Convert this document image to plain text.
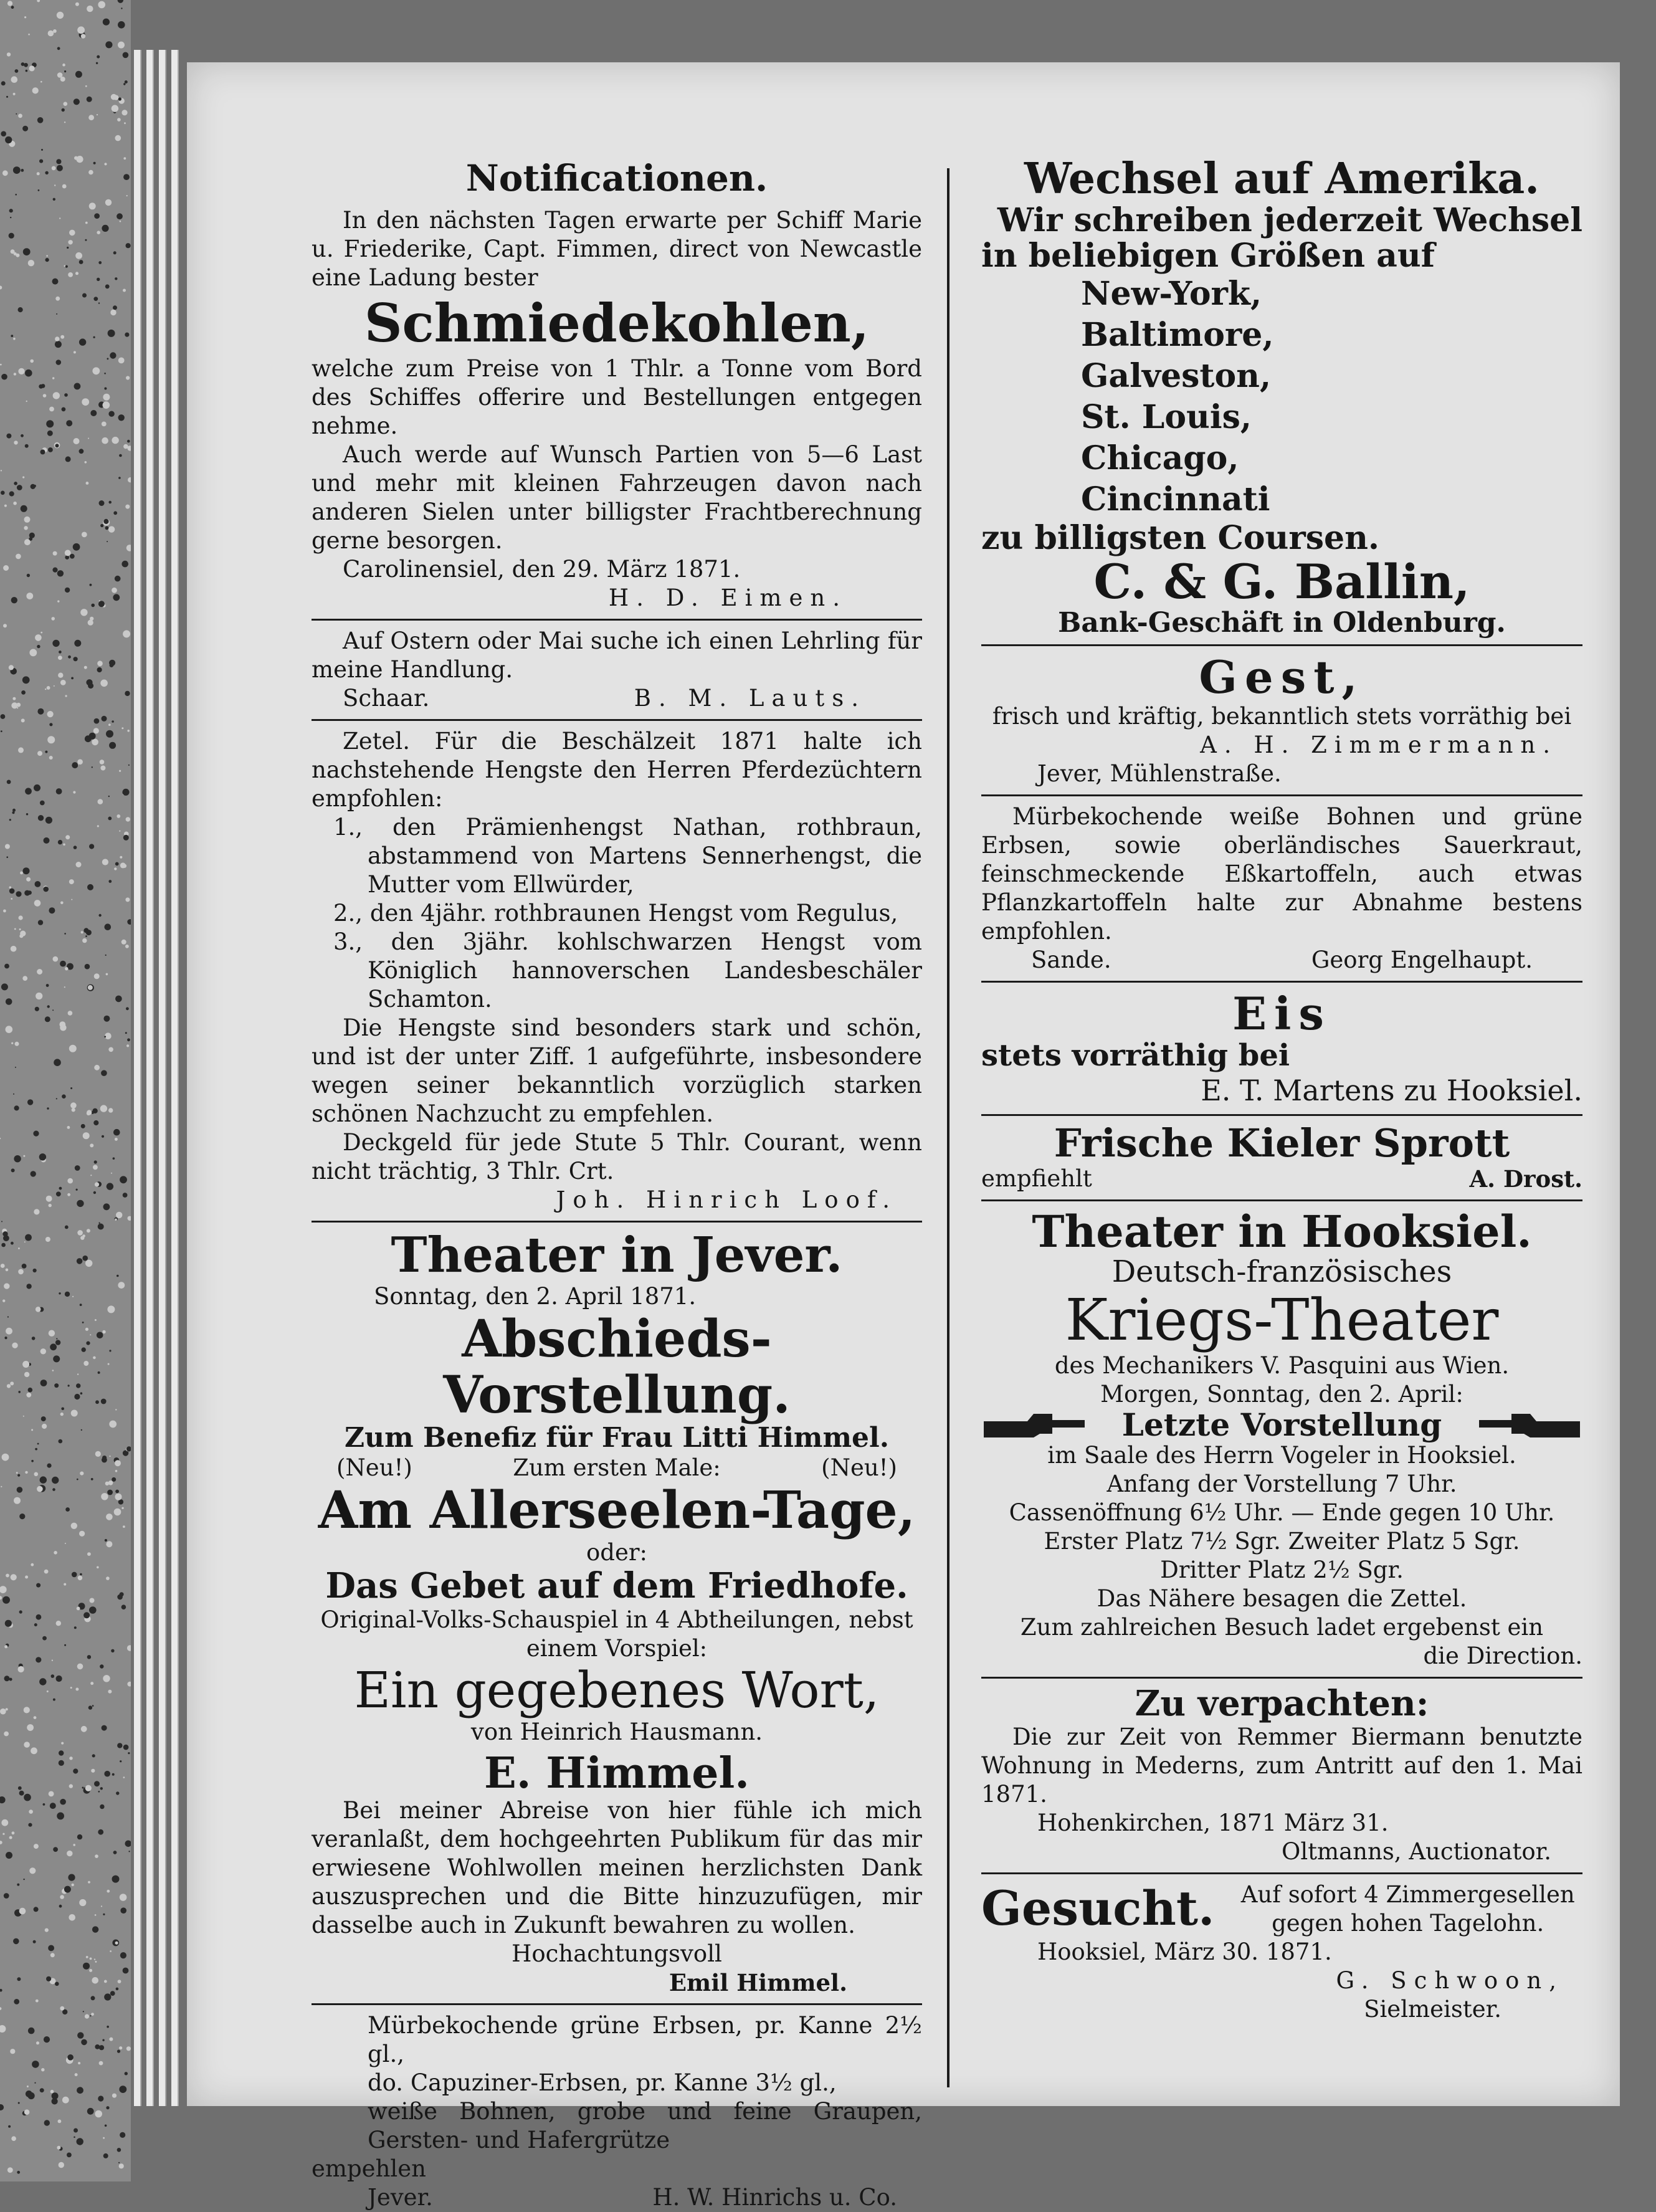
Notificationen.

In den nächsten Tagen erwarte per Schiff Marie u. Friederike, Capt. Fimmen, direct von Newcastle eine Ladung bester

Schmiedekohlen,

welche zum Preise von 1 Thlr. a Tonne vom Bord des Schiffes offerire und Bestellungen entgegen nehme.

Auch werde auf Wunsch Partien von 5—6 Last und mehr mit kleinen Fahrzeugen davon nach anderen Sielen unter billigster Frachtberechnung gerne besorgen.

Carolinensiel, den 29. März 1871.

H. D. Eimen.

Auf Ostern oder Mai suche ich einen Lehrling für meine Handlung.

Schaar.	B. M. Lauts.

Zetel. Für die Beschälzeit 1871 halte ich nachstehende Hengste den Herren Pferdezüchtern empfohlen:

1., den Prämienhengst Nathan, rothbraun, abstammend von Martens Sennerhengst, die Mutter vom Ellwürder,

2., den 4jähr. rothbraunen Hengst vom Regulus,

3., den 3jähr. kohlschwarzen Hengst vom Königlich hannoverschen Landesbeschäler Schamton.

Die Hengste sind besonders stark und schön, und ist der unter Ziff. 1 aufgeführte, insbesondere wegen seiner bekanntlich vorzüglich starken schönen Nachzucht zu empfehlen.

Deckgeld für jede Stute 5 Thlr. Courant, wenn nicht trächtig, 3 Thlr. Crt.

Joh. Hinrich Loof.

Theater in Jever.

Sonntag, den 2. April 1871.

Abschieds-Vorstellung.

Zum Benefiz für Frau Litti Himmel.

(Neu!)	Zum ersten Male:	(Neu!)

Am Allerseelen-Tage,

oder:

Das Gebet auf dem Friedhofe.

Original-Volks-Schauspiel in 4 Abtheilungen, nebst einem Vorspiel:

Ein gegebenes Wort,

von Heinrich Hausmann.

E. Himmel.

Bei meiner Abreise von hier fühle ich mich veranlaßt, dem hochgeehrten Publikum für das mir erwiesene Wohlwollen meinen herzlichsten Dank auszusprechen und die Bitte hinzuzufügen, mir dasselbe auch in Zukunft bewahren zu wollen.

Hochachtungsvoll

Emil Himmel.

Mürbekochende grüne Erbsen, pr. Kanne 2½ gl.,

do. Capuziner-Erbsen, pr. Kanne 3½ gl.,

weiße Bohnen, grobe und feine Graupen, Gersten- und Hafergrütze

empehlen

Jever.	H. W. Hinrichs u. Co.

Wechsel auf Amerika.

Wir schreiben jederzeit Wechsel

in beliebigen Größen auf

New-York,
Baltimore,
Galveston,
St. Louis,
Chicago,
Cincinnati

zu billigsten Coursen.

C. & G. Ballin,

Bank-Geschäft in Oldenburg.

Gest,

frisch und kräftig, bekanntlich stets vorräthig bei

A. H. Zimmermann.

Jever, Mühlenstraße.

Mürbekochende weiße Bohnen und grüne Erbsen, sowie oberländisches Sauerkraut, feinschmeckende Eßkartoffeln, auch etwas Pflanzkartoffeln halte zur Abnahme bestens empfohlen.

Sande.	Georg Engelhaupt.

Eis

stets vorräthig bei

E. T. Martens zu Hooksiel.

Frische Kieler Sprott

empfiehlt	A. Drost.

Theater in Hooksiel.

Deutsch-französisches

Kriegs-Theater

des Mechanikers V. Pasquini aus Wien.

Morgen, Sonntag, den 2. April:

Letzte Vorstellung

im Saale des Herrn Vogeler in Hooksiel.

Anfang der Vorstellung 7 Uhr.

Cassenöffnung 6½ Uhr. — Ende gegen 10 Uhr.

Erster Platz 7½ Sgr. Zweiter Platz 5 Sgr.

Dritter Platz 2½ Sgr.

Das Nähere besagen die Zettel.

Zum zahlreichen Besuch ladet ergebenst ein

die Direction.

Zu verpachten:

Die zur Zeit von Remmer Biermann benutzte Wohnung in Mederns, zum Antritt auf den 1. Mai 1871.

Hohenkirchen, 1871 März 31.

Oltmanns, Auctionator.

Gesucht.	Auf sofort 4 Zimmergesellen gegen hohen Tagelohn.

Hooksiel, März 30. 1871.

G. Schwoon,

Sielmeister.
